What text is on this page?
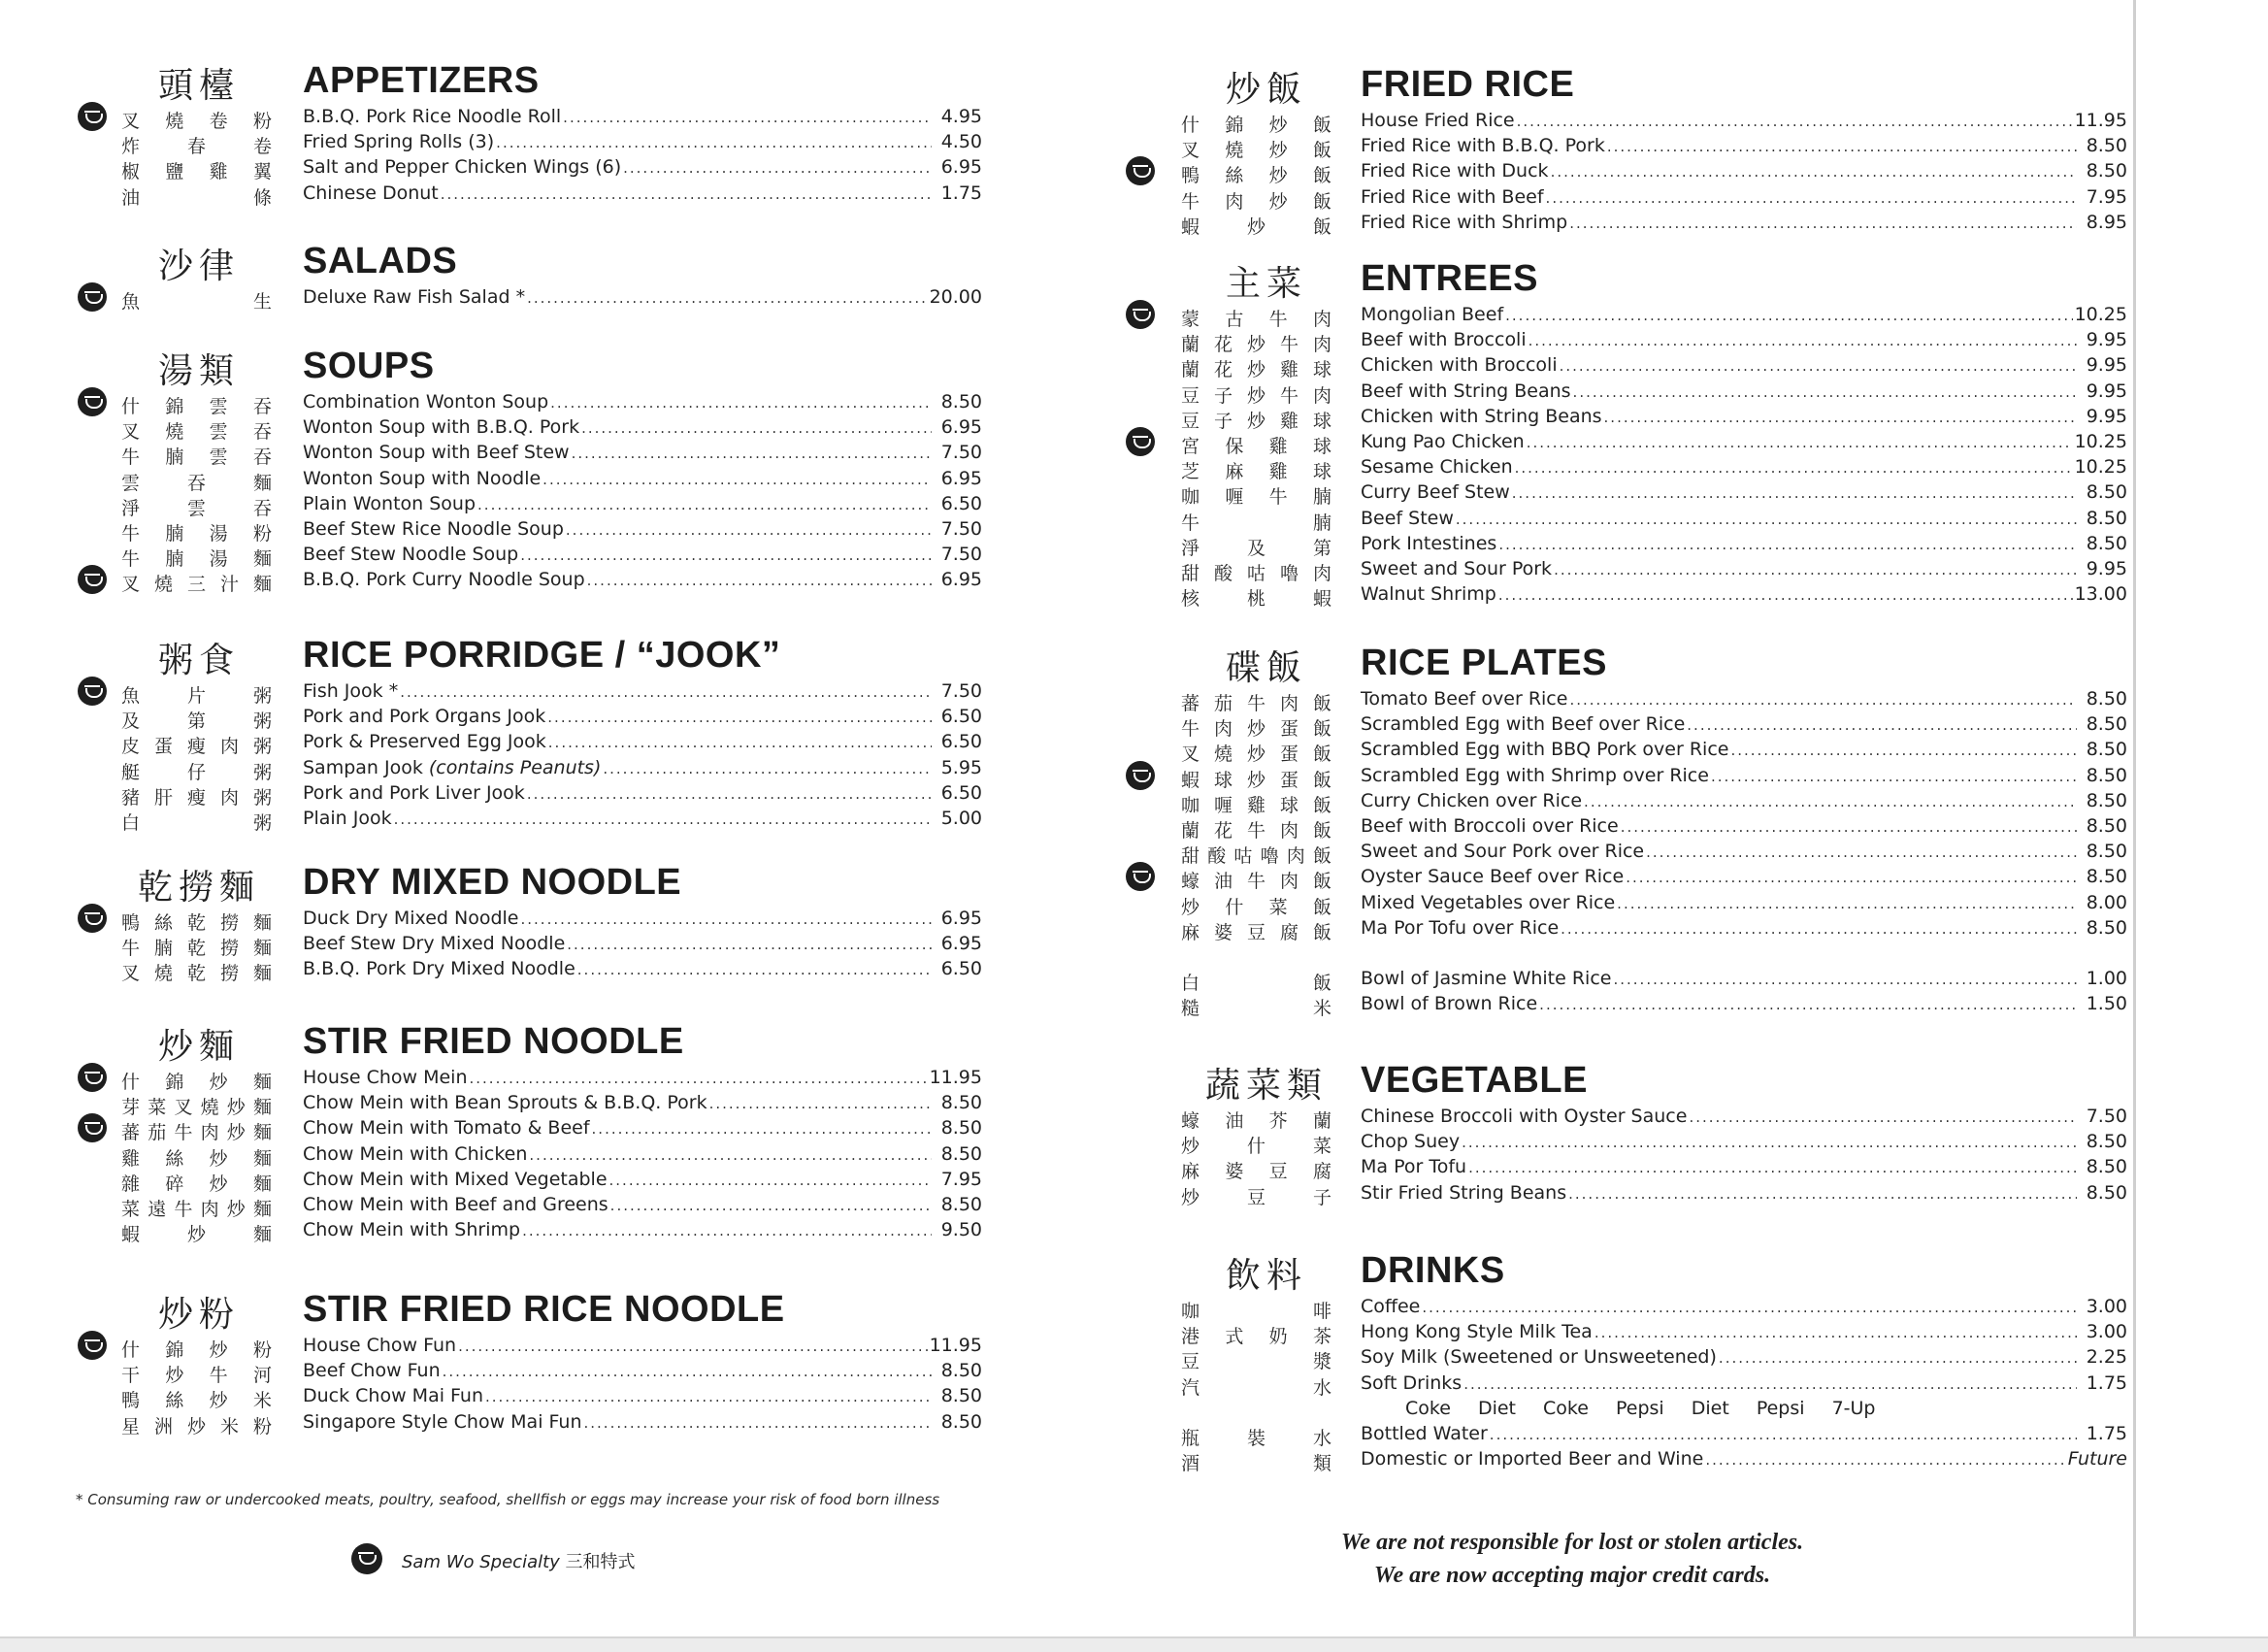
頭檯	APPETIZERS
叉 燒 卷 粉 B.B.Q. Pork Rice Noodle Roll .....	4.95
炸	春	卷 Fried Spring Rolls (3) .....	4.50
椒 鹽 雞 翼 Salt and Pepper Chicken Wings (6) .....	6.95
油	條 Chinese Donut .....	1.75
沙律	SALADS
魚	生 Deluxe Raw Fish Salad * .....	20.00
湯類	SOUPS
什 錦 雲 吞 Combination Wonton Soup .....	8.50
叉 燒 雲 吞 Wonton Soup with B.B.Q. Pork .....	6.95
牛 腩 雲 吞 Wonton Soup with Beef Stew .....	7.50
雲	吞	麵 Wonton Soup with Noodle .....	6.95
淨	雲	吞 Plain Wonton Soup .....	6.50
牛 腩 湯 粉 Beef Stew Rice Noodle Soup .....	7.50
牛 腩 湯 麵 Beef Stew Noodle Soup .....	7.50
叉 燒 三 汁 麵 B.B.Q. Pork Curry Noodle Soup .....	6.95
粥食	RICE PORRIDGE / “JOOK”
魚	片	粥 Fish Jook * .....	7.50
及	第	粥 Pork and Pork Organs Jook .....	6.50
皮 蛋 瘦 肉 粥 Pork & Preserved Egg Jook .....	6.50
艇	仔	粥 Sampan Jook (contains Peanuts) .....	5.95
豬 肝 瘦 肉 粥 Pork and Pork Liver Jook .....	6.50
白	粥 Plain Jook .....	5.00
乾撈麵 DRY MIXED NOODLE
鴨 絲 乾 撈 麵 Duck Dry Mixed Noodle .....	6.95
牛 腩 乾 撈 麵 Beef Stew Dry Mixed Noodle .....	6.95
叉 燒 乾 撈 麵 B.B.Q. Pork Dry Mixed Noodle .....	6.50
炒麵	STIR FRIED NOODLE
什 錦 炒 麵 House Chow Mein .....	11.95
芽 菜 叉 燒 炒 麵 Chow Mein with Bean Sprouts & B.B.Q. Pork .....	8.50
蕃 茄 牛 肉 炒 麵 Chow Mein with Tomato & Beef .....	8.50
雞 絲 炒 麵 Chow Mein with Chicken .....	8.50
雜 碎 炒 麵 Chow Mein with Mixed Vegetable .....	7.95
菜 遠 牛 肉 炒 麵 Chow Mein with Beef and Greens .....	8.50
蝦	炒	麵 Chow Mein with Shrimp .....	9.50
炒粉	STIR FRIED RICE NOODLE
什 錦 炒 粉 House Chow Fun .....	11.95
干 炒 牛 河 Beef Chow Fun .....	8.50
鴨 絲 炒 米 Duck Chow Mai Fun .....	8.50
星 洲 炒 米 粉 Singapore Style Chow Mai Fun .....	8.50
炒飯	FRIED RICE
什 錦 炒 飯 House Fried Rice .....	11.95
叉 燒 炒 飯 Fried Rice with B.B.Q. Pork .....	8.50
鴨 絲 炒 飯 Fried Rice with Duck .....	8.50
牛 肉 炒 飯 Fried Rice with Beef .....	7.95
蝦	炒	飯 Fried Rice with Shrimp .....	8.95
主菜	ENTREES
蒙 古 牛 肉 Mongolian Beef .....	10.25
蘭 花 炒 牛 肉 Beef with Broccoli .....	9.95
蘭 花 炒 雞 球 Chicken with Broccoli .....	9.95
豆 子 炒 牛 肉 Beef with String Beans .....	9.95
豆 子 炒 雞 球 Chicken with String Beans .....	9.95
宮 保 雞 球 Kung Pao Chicken .....	10.25
芝 麻 雞 球 Sesame Chicken .....	10.25
咖 喱 牛 腩 Curry Beef Stew .....	8.50
牛	腩 Beef Stew .....	8.50
淨	及	第 Pork Intestines .....	8.50
甜 酸 咕 嚕 肉 Sweet and Sour Pork .....	9.95
核	桃	蝦 Walnut Shrimp .....	13.00
碟飯	RICE PLATES
蕃 茄 牛 肉 飯 Tomato Beef over Rice .....	8.50
牛 肉 炒 蛋 飯 Scrambled Egg with Beef over Rice .....	8.50
叉 燒 炒 蛋 飯 Scrambled Egg with BBQ Pork over Rice .....	8.50
蝦 球 炒 蛋 飯 Scrambled Egg with Shrimp over Rice .....	8.50
咖 喱 雞 球 飯 Curry Chicken over Rice .....	8.50
蘭 花 牛 肉 飯 Beef with Broccoli over Rice .....	8.50
甜 酸 咕 嚕 肉 飯 Sweet and Sour Pork over Rice .....	8.50
蠔 油 牛 肉 飯 Oyster Sauce Beef over Rice .....	8.50
炒 什 菜 飯 Mixed Vegetables over Rice .....	8.00
麻 婆 豆 腐 飯 Ma Por Tofu over Rice .....	8.50
白	飯 Bowl of Jasmine White Rice .....	1.00
糙	米 Bowl of Brown Rice .....	1.50
蔬菜類 VEGETABLE
蠔 油 芥 蘭 Chinese Broccoli with Oyster Sauce .....	7.50
炒	什	菜 Chop Suey .....	8.50
麻 婆 豆 腐 Ma Por Tofu .....	8.50
炒	豆	子 Stir Fried String Beans .....	8.50
飲料	DRINKS
咖	啡 Coffee .....	3.00
港 式 奶 茶 Hong Kong Style Milk Tea .....	3.00
豆	漿 Soy Milk (Sweetened or Unsweetened) .....	2.25
汽	水 Soft Drinks .....	1.75
Coke Diet Coke Pepsi Diet Pepsi 7-Up
瓶	裝	水 Bottled Water .....	1.75
酒	類 Domestic or Imported Beer and Wine .....	Future
* Consuming raw or undercooked meats, poultry, seafood, shellfish or eggs may increase your risk of food born illness
Sam Wo Specialty 三和特式
We are not responsible for lost or stolen articles.
We are now accepting major credit cards.
